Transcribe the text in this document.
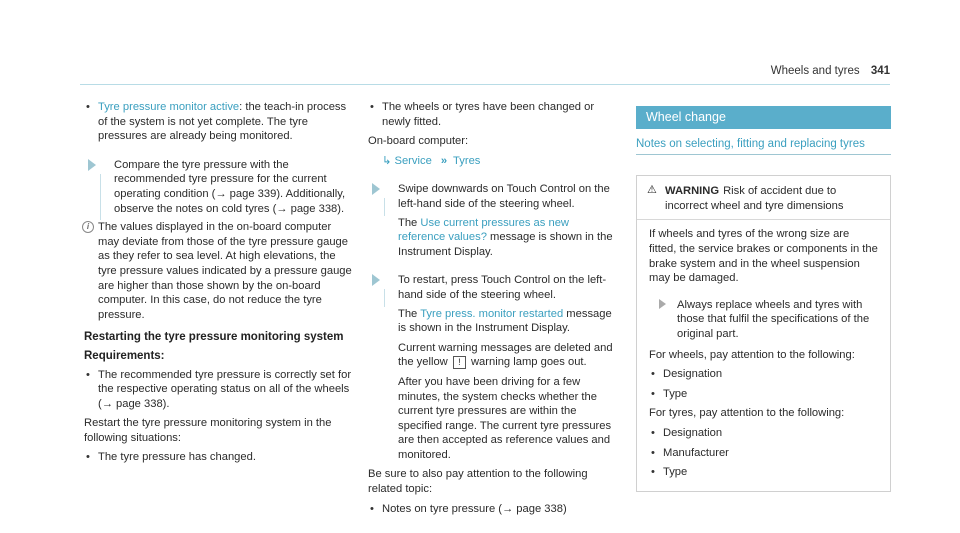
Wheels and tyres 341
• Tyre pressure monitor active: the teach-in process of the system is not yet complete. The tyre pressures are already being monitored.
Compare the tyre pressure with the recommended tyre pressure for the current operating condition (→ page 339). Additionally, observe the notes on cold tyres (→ page 338).
i The values displayed in the on-board computer may deviate from those of the tyre pressure gauge as they refer to sea level. At high elevations, the tyre pressure values indicated by a pressure gauge are higher than those shown by the on-board computer. In this case, do not reduce the tyre pressure.
Restarting the tyre pressure monitoring system
Requirements:
• The recommended tyre pressure is correctly set for the respective operating status on all of the wheels (→ page 338).

Restart the tyre pressure monitoring system in the following situations:

• The tyre pressure has changed.
• The wheels or tyres have been changed or newly fitted.

On-board computer:

↳ Service » Tyres
Swipe downwards on Touch Control on the left-hand side of the steering wheel.
The Use current pressures as new reference values? message is shown in the Instrument Display.
To restart, press Touch Control on the left-hand side of the steering wheel.
The Tyre press. monitor restarted message is shown in the Instrument Display.
Current warning messages are deleted and the yellow ! warning lamp goes out.
After you have been driving for a few minutes, the system checks whether the current tyre pressures are within the specified range. The current tyre pressures are then accepted as reference values and monitored.

Be sure to also pay attention to the following related topic:

• Notes on tyre pressure (→ page 338)
Wheel change
Notes on selecting, fitting and replacing tyres
⚠ WARNING Risk of accident due to incorrect wheel and tyre dimensions

If wheels and tyres of the wrong size are fitted, the service brakes or components in the brake system and in the wheel suspension may be damaged.

Always replace wheels and tyres with those that fulfil the specifications of the original part.

For wheels, pay attention to the following:

• Designation
• Type

For tyres, pay attention to the following:

• Designation
• Manufacturer
• Type
